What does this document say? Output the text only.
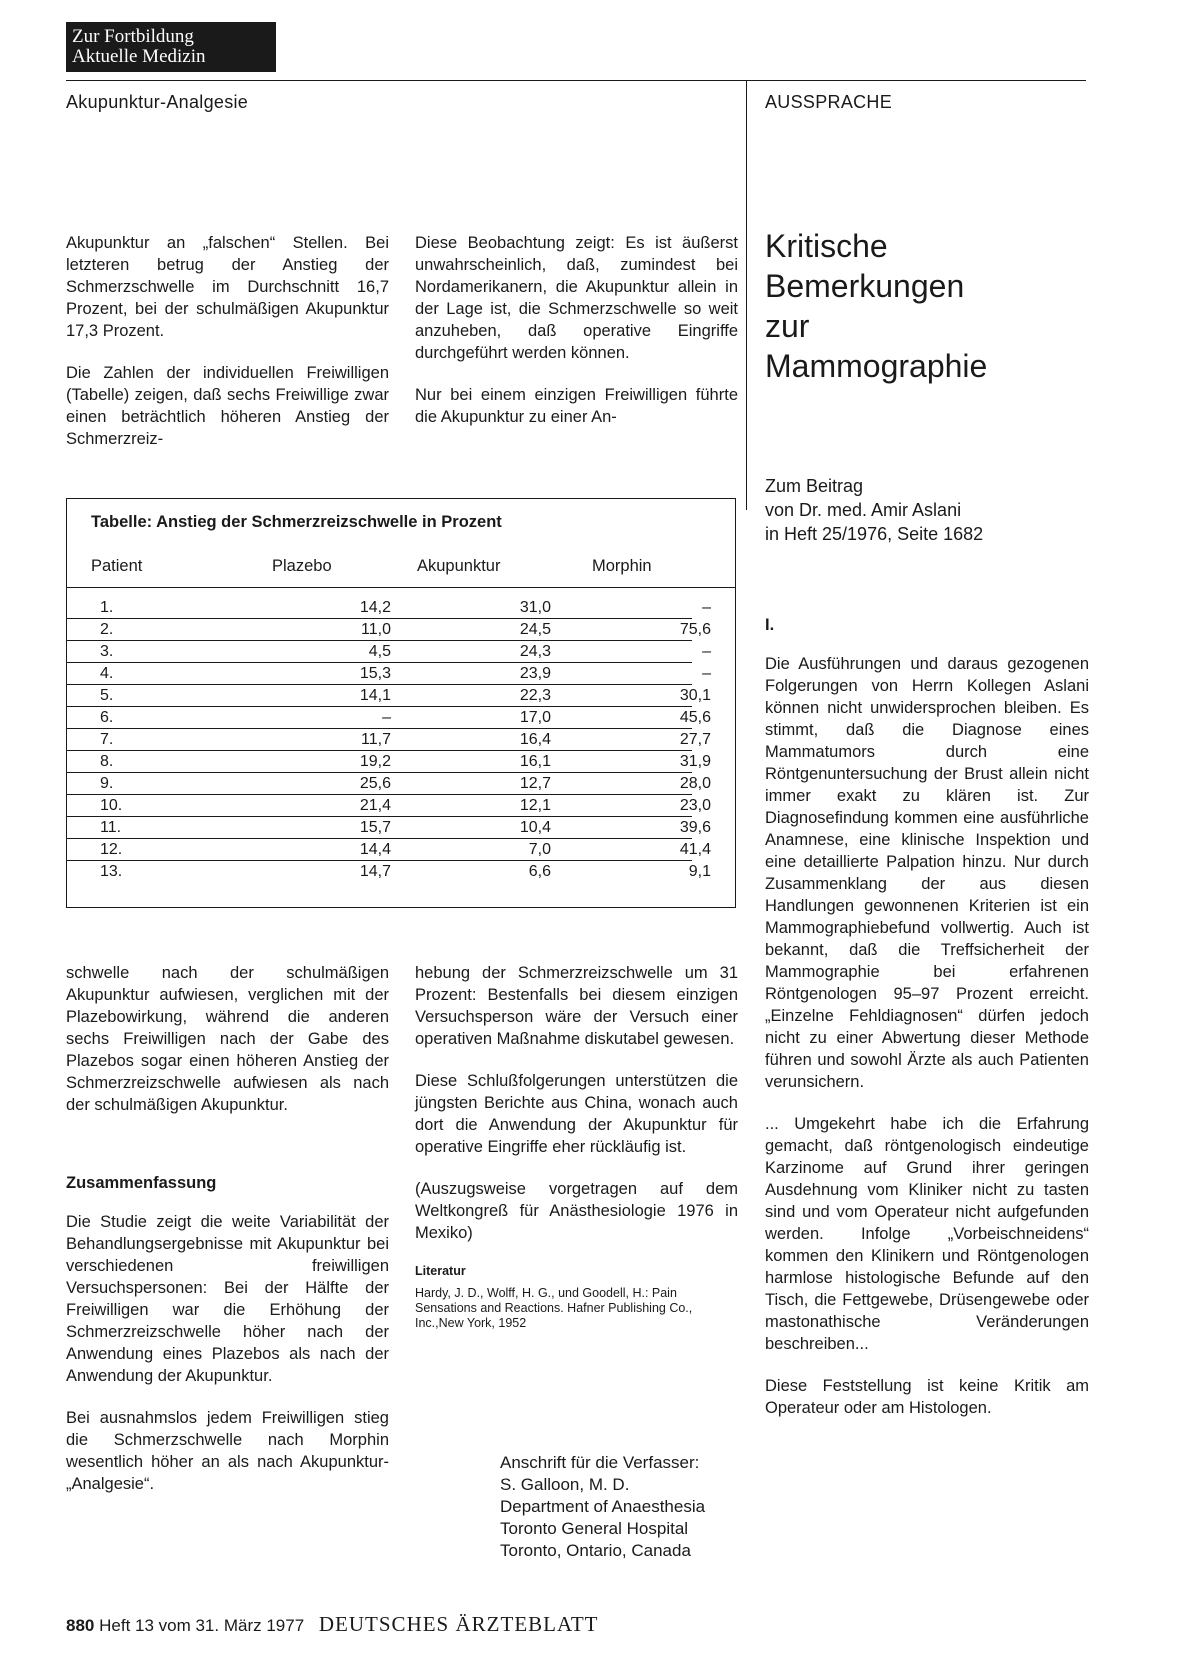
Zur Fortbildung
Aktuelle Medizin
Akupunktur-Analgesie	AUSSPRACHE

Akupunktur an „falschen“ Stellen. Bei letzteren betrug der Anstieg der Schmerzschwelle im Durchschnitt 16,7 Prozent, bei der schulmäßigen Akupunktur 17,3 Prozent.

Die Zahlen der individuellen Freiwilligen (Tabelle) zeigen, daß sechs Freiwillige zwar einen beträchtlich höheren Anstieg der Schmerzreiz-

Diese Beobachtung zeigt: Es ist äußerst unwahrscheinlich, daß, zumindest bei Nordamerikanern, die Akupunktur allein in der Lage ist, die Schmerzschwelle so weit anzuheben, daß operative Eingriffe durchgeführt werden können.

Nur bei einem einzigen Freiwilligen führte die Akupunktur zu einer An-

Tabelle: Anstieg der Schmerzreizschwelle in Prozent
Patient	Plazebo	Akupunktur	Morphin
1.	14,2	31,0	–
2.	11,0	24,5	75,6
3.	4,5	24,3	–
4.	15,3	23,9	–
5.	14,1	22,3	30,1
6.	–	17,0	45,6
7.	11,7	16,4	27,7
8.	19,2	16,1	31,9
9.	25,6	12,7	28,0
10.	21,4	12,1	23,0
11.	15,7	10,4	39,6
12.	14,4	7,0	41,4
13.	14,7	6,6	9,1

schwelle nach der schulmäßigen Akupunktur aufwiesen, verglichen mit der Plazebowirkung, während die anderen sechs Freiwilligen nach der Gabe des Plazebos sogar einen höheren Anstieg der Schmerzreizschwelle aufwiesen als nach der schulmäßigen Akupunktur.

Zusammenfassung

Die Studie zeigt die weite Variabilität der Behandlungsergebnisse mit Akupunktur bei verschiedenen freiwilligen Versuchspersonen: Bei der Hälfte der Freiwilligen war die Erhöhung der Schmerzreizschwelle höher nach der Anwendung eines Plazebos als nach der Anwendung der Akupunktur.

Bei ausnahmslos jedem Freiwilligen stieg die Schmerzschwelle nach Morphin wesentlich höher an als nach Akupunktur-„Analgesie“.

hebung der Schmerzreizschwelle um 31 Prozent: Bestenfalls bei diesem einzigen Versuchsperson wäre der Versuch einer operativen Maßnahme diskutabel gewesen.

Diese Schlußfolgerungen unterstützen die jüngsten Berichte aus China, wonach auch dort die Anwendung der Akupunktur für operative Eingriffe eher rückläufig ist.

(Auszugsweise vorgetragen auf dem Weltkongreß für Anästhesiologie 1976 in Mexiko)

Literatur
Hardy, J. D., Wolff, H. G., und Goodell, H.: Pain Sensations and Reactions. Hafner Publishing Co., Inc.,New York, 1952
Anschrift für die Verfasser:
S. Galloon, M. D.
Department of Anaesthesia
Toronto General Hospital
Toronto, Ontario, Canada
Kritische
Bemerkungen
zur
Mammographie
Zum Beitrag
von Dr. med. Amir Aslani
in Heft 25/1976, Seite 1682
I.

Die Ausführungen und daraus gezogenen Folgerungen von Herrn Kollegen Aslani können nicht unwidersprochen bleiben. Es stimmt, daß die Diagnose eines Mammatumors durch eine Röntgenuntersuchung der Brust allein nicht immer exakt zu klären ist. Zur Diagnosefindung kommen eine ausführliche Anamnese, eine klinische Inspektion und eine detaillierte Palpation hinzu. Nur durch Zusammenklang der aus diesen Handlungen gewonnenen Kriterien ist ein Mammographiebefund vollwertig. Auch ist bekannt, daß die Treffsicherheit der Mammographie bei erfahrenen Röntgenologen 95–97 Prozent erreicht. „Einzelne Fehldiagnosen“ dürfen jedoch nicht zu einer Abwertung dieser Methode führen und sowohl Ärzte als auch Patienten verunsichern.

... Umgekehrt habe ich die Erfahrung gemacht, daß röntgenologisch eindeutige Karzinome auf Grund ihrer geringen Ausdehnung vom Kliniker nicht zu tasten sind und vom Operateur nicht aufgefunden werden. Infolge „Vorbeischneidens“ kommen den Klinikern und Röntgenologen harmlose histologische Befunde auf den Tisch, die Fettgewebe, Drüsengewebe oder mastonathische Veränderungen beschreiben...

Diese Feststellung ist keine Kritik am Operateur oder am Histologen.

880 Heft 13 vom 31. März 1977 DEUTSCHES ÄRZTEBLATT
